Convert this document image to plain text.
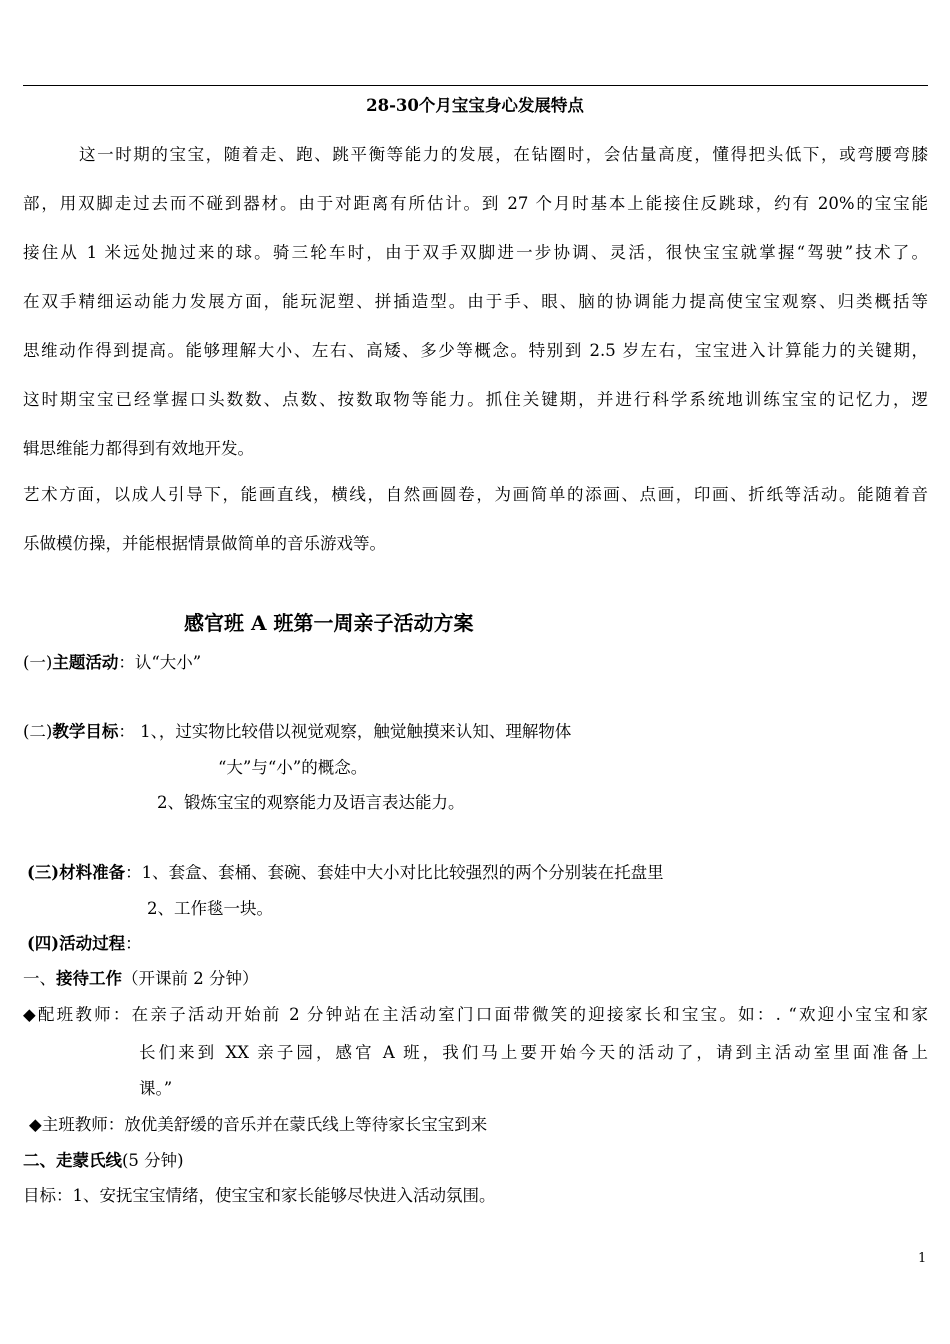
28-30个月宝宝身心发展特点
这一时期的宝宝，随着走、跑、跳平衡等能力的发展，在钻圈时，会估量高度，懂得把头低下，或弯腰弯膝
部，用双脚走过去而不碰到器材。由于对距离有所估计。到 27 个月时基本上能接住反跳球，约有 20%的宝宝能
接住从 1 米远处抛过来的球。骑三轮车时，由于双手双脚进一步协调、灵活，很快宝宝就掌握“驾驶”技术了。
在双手精细运动能力发展方面，能玩泥塑、拼插造型。由于手、眼、脑的协调能力提高使宝宝观察、归类概括等
思维动作得到提高。能够理解大小、左右、高矮、多少等概念。特别到 2.5 岁左右，宝宝进入计算能力的关键期，
这时期宝宝已经掌握口头数数、点数、按数取物等能力。抓住关键期，并进行科学系统地训练宝宝的记忆力，逻
辑思维能力都得到有效地开发。
艺术方面，以成人引导下，能画直线，横线，自然画圆卷，为画简单的添画、点画，印画、折纸等活动。能随着音
乐做模仿操，并能根据情景做简单的音乐游戏等。
感官班 A 班第一周亲子活动方案
(一)主题活动：认“大小”
(二)教学目标： 1、，过实物比较借以视觉观察，触觉触摸来认知、理解物体
“大”与“小”的概念。
2、锻炼宝宝的观察能力及语言表达能力。
(三)材料准备：1、套盒、套桶、套碗、套娃中大小对比比较强烈的两个分别装在托盘里
2、工作毯一块。
(四)活动过程：
一、接待工作（开课前 2 分钟）
◆配班教师：在亲子活动开始前 2 分钟站在主活动室门口面带微笑的迎接家长和宝宝。如：. “欢迎小宝宝和家
长们来到 XX 亲子园，感官 A 班，我们马上要开始今天的活动了，请到主活动室里面准备上
课。”
◆主班教师：放优美舒缓的音乐并在蒙氏线上等待家长宝宝到来
二、走蒙氏线(5 分钟)
目标：1、安抚宝宝情绪，使宝宝和家长能够尽快进入活动氛围。
1
